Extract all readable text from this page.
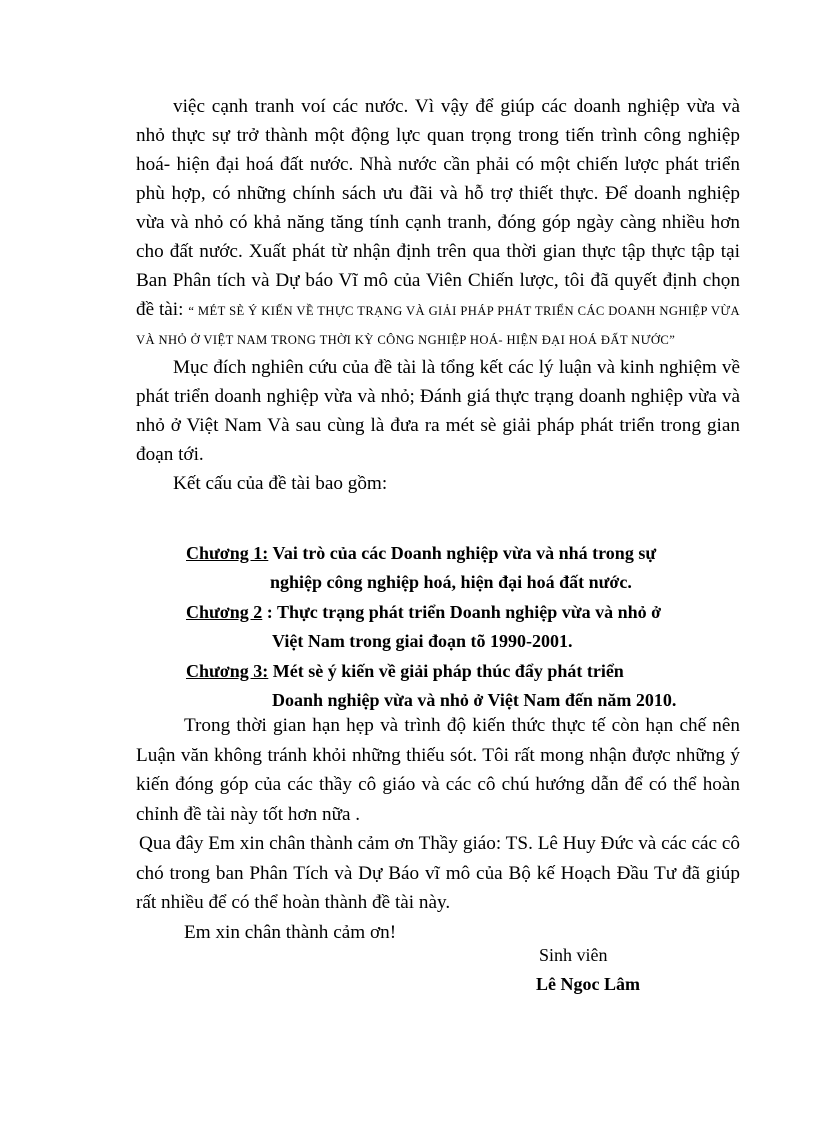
việc cạnh tranh voí các nước. Vì vậy để giúp các doanh nghiệp vừa và nhỏ thực sự trở thành một động lực quan trọng trong tiến trình công nghiệp hoá- hiện đại hoá đất nước. Nhà nước cần phải có một chiến lược phát triển phù hợp, có những chính sách ưu đãi và hỗ trợ thiết thực. Để doanh nghiệp vừa và nhỏ có khả năng tăng tính cạnh tranh, đóng góp ngày càng nhiều hơn cho đất nước. Xuất phát từ nhận định trên qua thời gian thực tập thực tập tại Ban Phân tích và Dự báo Vĩ mô của Viên Chiến lược, tôi đã quyết định chọn đề tài: “ MÉT SÈ Ý KIẾN VỀ THỰC TRẠNG VÀ GIẢI PHÁP PHÁT TRIỂN CÁC DOANH NGHIỆP VỪA VÀ NHỎ Ở VIỆT NAM TRONG THỜI KỲ CÔNG NGHIỆP HOÁ- HIỆN ĐẠI HOÁ ĐẤT NƯỚC”

Mục đích nghiên cứu của đề tài là tổng kết các lý luận và kinh nghiệm về phát triển doanh nghiệp vừa và nhỏ; Đánh giá thực trạng doanh nghiệp vừa và nhỏ ở Việt Nam Và sau cùng là đưa ra mét sè giải pháp phát triển trong gian đoạn tới.

Kết cấu của đề tài bao gồm:

Chương 1: Vai trò của các Doanh nghiệp vừa và nhá trong sự
nghiệp công nghiệp hoá, hiện đại hoá đất nước.
Chương 2 : Thực trạng phát triển Doanh nghiệp vừa và nhỏ ở
Việt Nam trong giai đoạn tõ 1990-2001.
Chương 3: Mét sè ý kiến về giải pháp thúc đẩy phát triển
Doanh nghiệp vừa và nhỏ ở Việt Nam đến năm 2010.

Trong thời gian hạn hẹp và trình độ kiến thức thực tế còn hạn chế nên Luận văn không tránh khỏi những thiếu sót. Tôi rất mong nhận được những ý kiến đóng góp của các thầy cô giáo và các cô chú hướng dẫn để có thể hoàn chỉnh đề tài này tốt hơn nữa .

Qua đây Em xin chân thành cảm ơn Thầy giáo: TS. Lê Huy Đức và các các cô chó trong ban Phân Tích và Dự Báo vĩ mô của Bộ kế Hoạch Đầu Tư đã giúp rất nhiều để có thể hoàn thành đề tài này.

Em xin chân thành cảm ơn!

Sinh viên
Lê Ngoc Lâm
